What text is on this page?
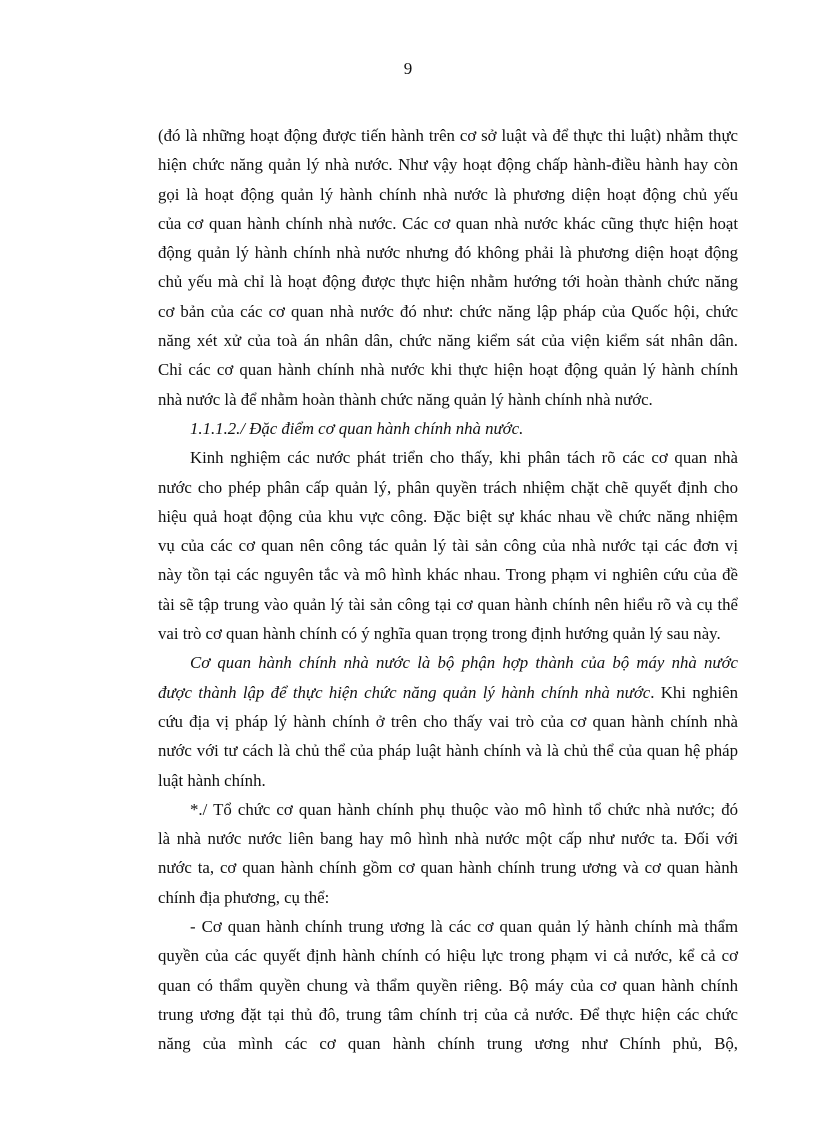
9
(đó là những hoạt động được tiến hành trên cơ sở luật và để thực thi luật) nhằm thực
hiện chức năng quản lý nhà nước. Như vậy hoạt động chấp hành-điều hành hay còn
gọi là hoạt động quản lý hành chính nhà nước là phương diện hoạt động chủ yếu
của cơ quan hành chính nhà nước. Các cơ quan nhà nước khác cũng thực hiện hoạt
động quản lý hành chính nhà nước nhưng đó không phải là phương diện hoạt động
chủ yếu mà chỉ là hoạt động được thực hiện nhằm hướng tới hoàn thành chức năng
cơ bản của các cơ quan nhà nước đó như: chức năng lập pháp của Quốc hội, chức
năng xét xử của toà án nhân dân, chức năng kiểm sát của viện kiểm sát nhân dân.
Chỉ các cơ quan hành chính nhà nước khi thực hiện hoạt động quản lý hành chính
nhà nước là để nhằm hoàn thành chức năng quản lý hành chính nhà nước.
1.1.1.2./ Đặc điểm cơ quan hành chính nhà nước.
Kinh nghiệm các nước phát triển cho thấy, khi phân tách rõ các cơ quan nhà
nước cho phép phân cấp quản lý, phân quyền trách nhiệm chặt chẽ quyết định cho
hiệu quả hoạt động của khu vực công. Đặc biệt sự khác nhau về chức năng nhiệm
vụ của các cơ quan nên công tác quản lý tài sản công của nhà nước tại các đơn vị
này tồn tại các nguyên tắc và mô hình khác nhau. Trong phạm vi nghiên cứu của đề
tài sẽ tập trung vào quản lý tài sản công tại cơ quan hành chính nên hiểu rõ và cụ thể
vai trò cơ quan hành chính có ý nghĩa quan trọng trong định hướng quản lý sau này.
Cơ quan hành chính nhà nước là bộ phận hợp thành của bộ máy nhà nước
được thành lập để thực hiện chức năng quản lý hành chính nhà nước. Khi nghiên
cứu địa vị pháp lý hành chính ở trên cho thấy vai trò của cơ quan hành chính nhà
nước với tư cách là chủ thể của pháp luật hành chính và là chủ thể của quan hệ pháp
luật hành chính.
*./ Tổ chức cơ quan hành chính phụ thuộc vào mô hình tổ chức nhà nước; đó
là nhà nước nước liên bang hay mô hình nhà nước một cấp như nước ta. Đối với
nước ta, cơ quan hành chính gồm cơ quan hành chính trung ương và cơ quan hành
chính địa phương, cụ thể:
- Cơ quan hành chính trung ương là các cơ quan quản lý hành chính mà thẩm
quyền của các quyết định hành chính có hiệu lực trong phạm vi cả nước, kể cả cơ
quan có thẩm quyền chung và thẩm quyền riêng. Bộ máy của cơ quan hành chính
trung ương đặt tại thủ đô, trung tâm chính trị của cả nước. Để thực hiện các chức
năng của mình các cơ quan hành chính trung ương như Chính phủ, Bộ,
